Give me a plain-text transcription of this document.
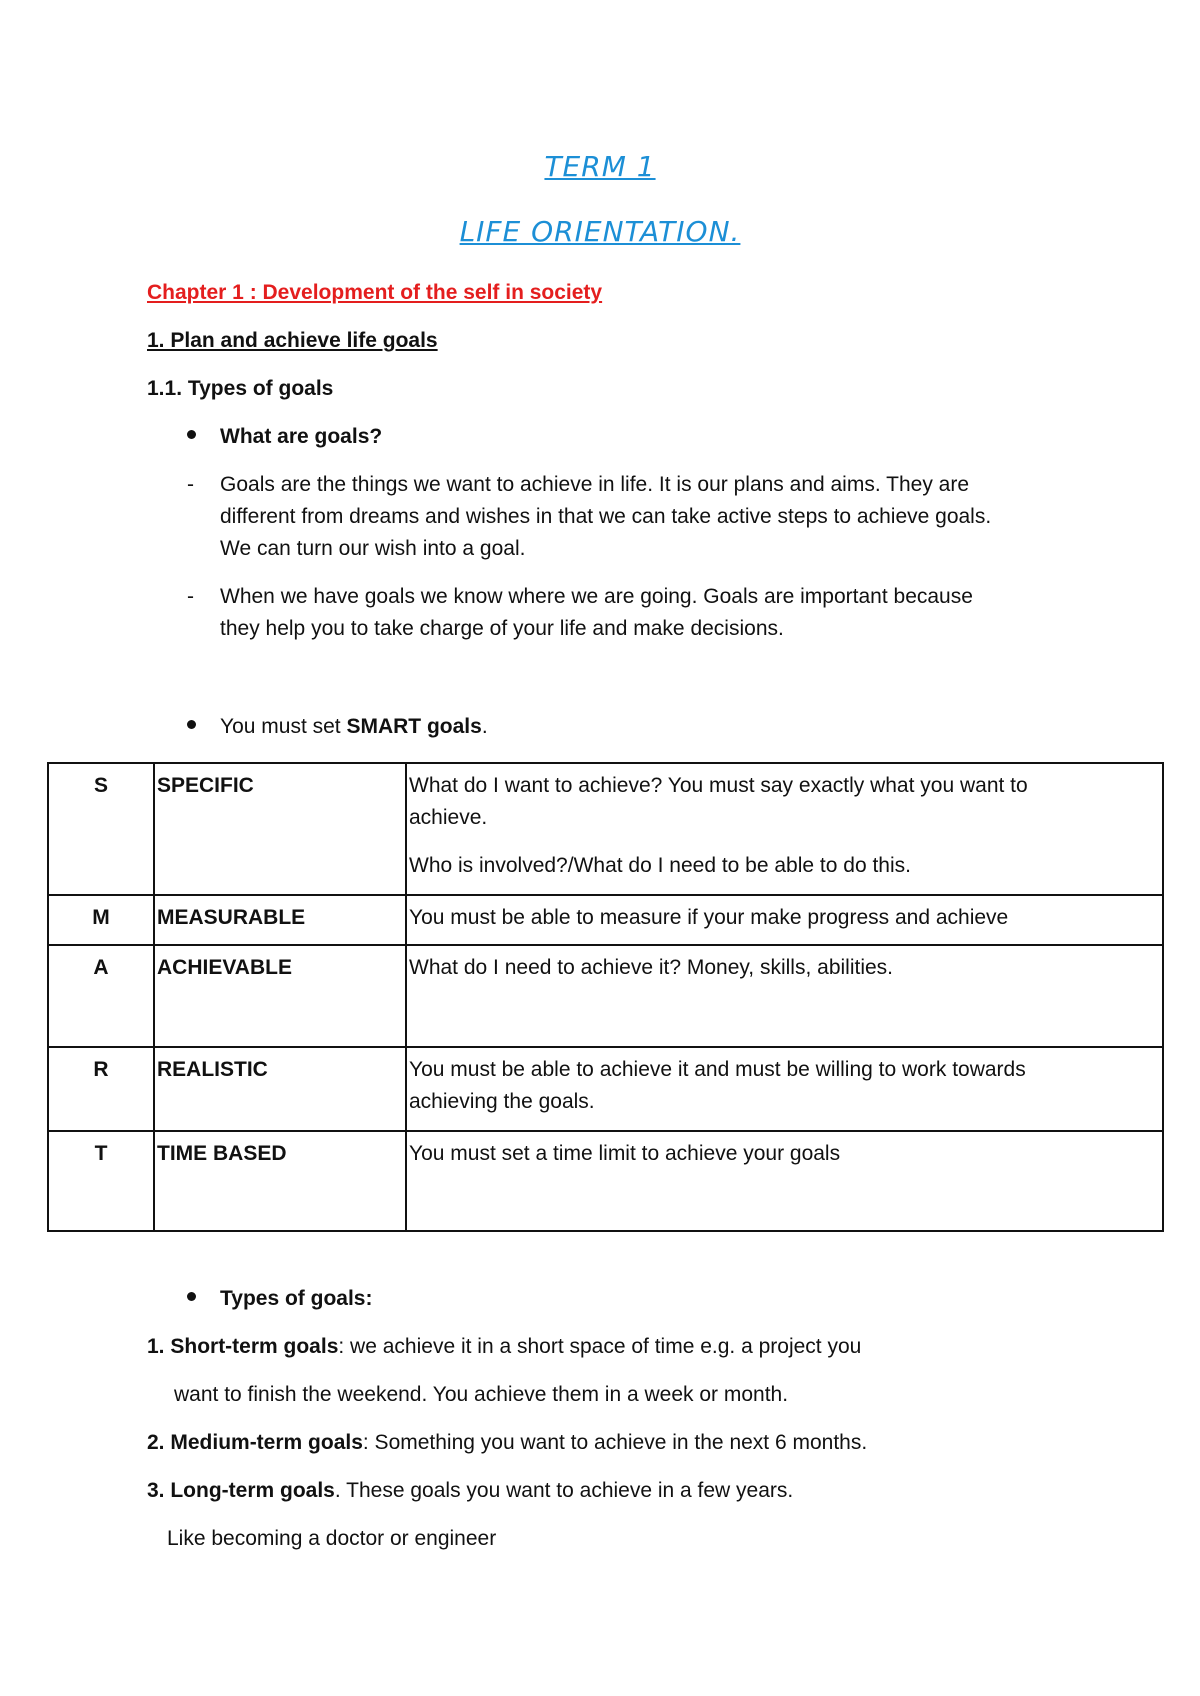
TERM 1
LIFE ORIENTATION.
Chapter 1 : Development of the self in society
1. Plan and achieve life goals
1.1. Types of goals
What are goals?
- Goals are the things we want to achieve in life. It is our plans and aims. They are
different from dreams and wishes in that we can take active steps to achieve goals.
We can turn our wish into a goal.
- When we have goals we know where we are going. Goals are important because
they help you to take charge of your life and make decisions.
You must set SMART goals.
S	SPECIFIC	What do I want to achieve? You must say exactly what you want to
achieve.
Who is involved?/What do I need to be able to do this.

M	MEASURABLE	You must be able to measure if your make progress and achieve

A	ACHIEVABLE	What do I need to achieve it? Money, skills, abilities.

R	REALISTIC	You must be able to achieve it and must be willing to work towards
achieving the goals.

T	TIME BASED	You must set a time limit to achieve your goals
Types of goals:
1. Short-term goals: we achieve it in a short space of time e.g. a project you
want to finish the weekend. You achieve them in a week or month.
2. Medium-term goals: Something you want to achieve in the next 6 months.
3. Long-term goals. These goals you want to achieve in a few years.
Like becoming a doctor or engineer
